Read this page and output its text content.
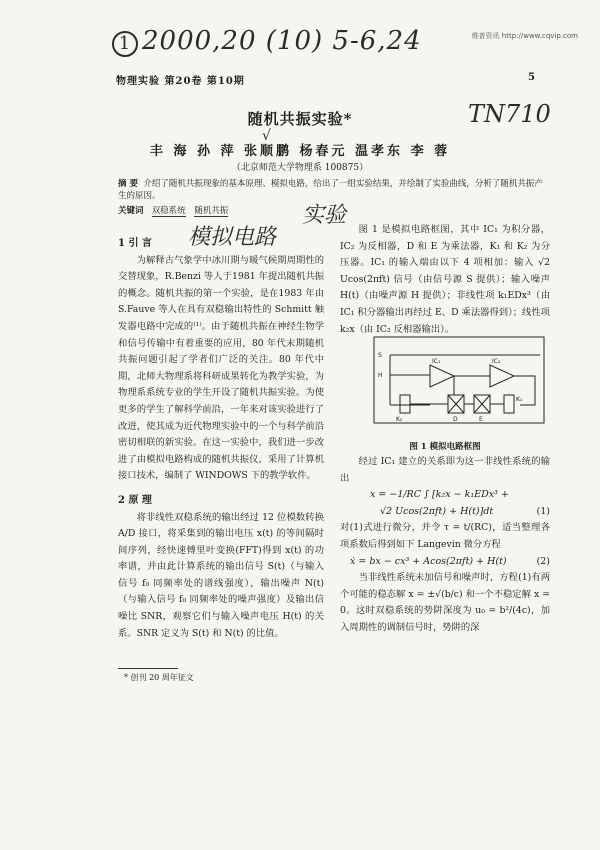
1 2000,20 (10) 5-6,24	维普资讯 http://www.cqvip.com
物理实验 第20卷 第10期	5
随机共振实验*	TN710
√
丰 海 孙 萍 张顺鹏 杨春元 温孝东 李 蓉
（北京师范大学物理系 100875）
摘 要 介绍了随机共振现象的基本原理、模拟电路，给出了一组实验结果，并绘制了实验曲线，分析了随机共振产生的原因。
关键词 双稳系统 随机共振	实验
模拟电路
1 引 言

为解释古气象学中冰川期与暖气候期周期性的交替现象，R.Benzi 等人于1981 年提出随机共振的概念。随机共振的第一个实验，是在1983 年由 S.Fauve 等人在具有双稳输出特性的 Schmitt 触发器电路中完成的⁽¹⁾。由于随机共振在神经生物学和信号传输中有着重要的应用，80 年代末期随机共振问题引起了学者们广泛的关注。80 年代中期，北师大物理系将科研成果转化为教学实验，为物理系系统专业的学生开设了随机共振实验。为使更多的学生了解科学前沿，一年来对该实验进行了改进，使其成为近代物理实验中的一个与科学前沿密切相联的新实验。在这一实验中，我们进一步改进了由模拟电路构成的随机共振仪，采用了计算机接口技术，编制了 WINDOWS 下的教学软件。

2 原 理

将非线性双稳系统的输出经过 12 位模数转换 A/D 接口，将采集到的输出电压 x(t) 的等间隔时间序列，经快速傅里叶变换(FFT)得到 x(t) 的功率谱，并由此计算系统的输出信号 S(t)（与输入信号 f₀ 同频率处的谱线强度），输出噪声 N(t)（与输入信号 f₀ 同频率处的噪声强度）及输出信噪比 SNR，观察它们与输入噪声电压 H(t) 的关系。SNR 定义为 S(t) 和 N(t) 的比值。

* 创刊 20 周年征文

图 1 是模拟电路框图，其中 IC₁ 为积分器，IC₂ 为反相器，D 和 E 为乘法器，K₁ 和 K₂ 为分压器。IC₁ 的输入端由以下 4 项相加：输入 √2 Ucos(2πft) 信号（由信号源 S 提供）；输入噪声 H(t)（由噪声源 H 提供）；非线性项 k₁EDx³（由 IC₁ 积分器输出再经过 E、D 乘法器得到）；线性项 k₂x（由 IC₂ 反相器输出）。

IC₁	IC₂
D	E
K₁
K₂
S
H
图 1 模拟电路框图

经过 IC₁ 建立的关系即为这一非线性系统的输出

x = −1/RC ∫ [k₂x − k₁EDx³ +
√2 Ucos(2πft) + H(t)]dt	(1)

对(1)式进行微分，并令 τ = t/(RC)，适当整理各项系数后得到如下 Langevin 微分方程

ẋ = bx − cx³ + Acos(2πft) + H(t)	(2)

当非线性系统未加信号和噪声时，方程(1)有两个可能的稳态解 x = ±√(b/c) 和一个不稳定解 x = 0。这时双稳系统的势阱深度为 u₀ = b²/(4c)，加入周期性的调制信号时，势阱的深
